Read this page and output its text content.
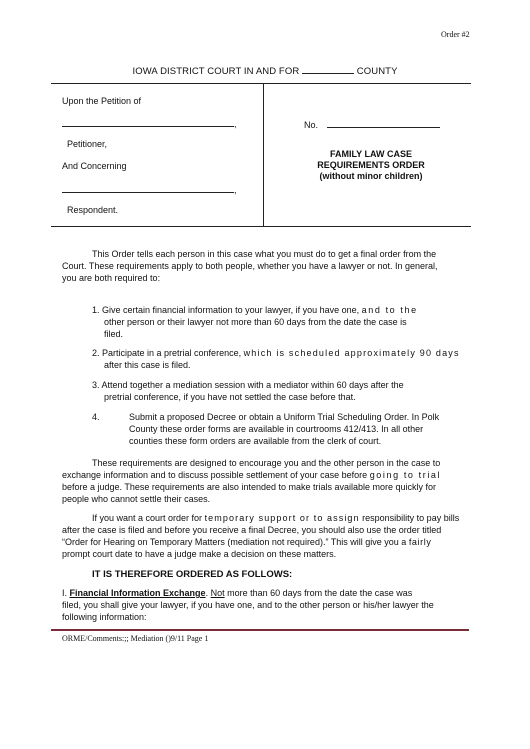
Order #2
IOWA DISTRICT COURT IN AND FOR	COUNTY
Upon the Petition of
,
Petitioner,
And Concerning
,
Respondent.
No.
FAMILY LAW CASE
REQUIREMENTS ORDER
(without minor children)
This Order tells each person in this case what you must do to get a final order from the
Court. These requirements apply to both people, whether you have a lawyer or not. In general,
you are both required to:
1. Give certain financial information to your lawyer, if you have one, and to the
other person or their lawyer not more than 60 days from the date the case is
filed.
2. Participate in a pretrial conference, which is scheduled approximately 90 days
after this case is filed.
3. Attend together a mediation session with a mediator within 60 days after the
pretrial conference, if you have not settled the case before that.
4.	Submit a proposed Decree or obtain a Uniform Trial Scheduling Order. In Polk
County these order forms are available in courtrooms 412/413. In all other
counties these form orders are available from the clerk of court.
These requirements are designed to encourage you and the other person in the case to
exchange information and to discuss possible settlement of your case before going to trial
before a judge. These requirements are also intended to make trials available more quickly for
people who cannot settle their cases.
If you want a court order for temporary support or to assign responsibility to pay bills
after the case is filed and before you receive a final Decree, you should also use the order titled
“Order for Hearing on Temporary Matters (mediation not required).” This will give you a fairly
prompt court date to have a judge make a decision on these matters.
IT IS THEREFORE ORDERED AS FOLLOWS:
I. Financial Information Exchange. Not more than 60 days from the date the case was
filed, you shall give your lawyer, if you have one, and to the other person or his/her lawyer the
following information:
ORME/Comments:;; Mediation ()9/11 Page 1
